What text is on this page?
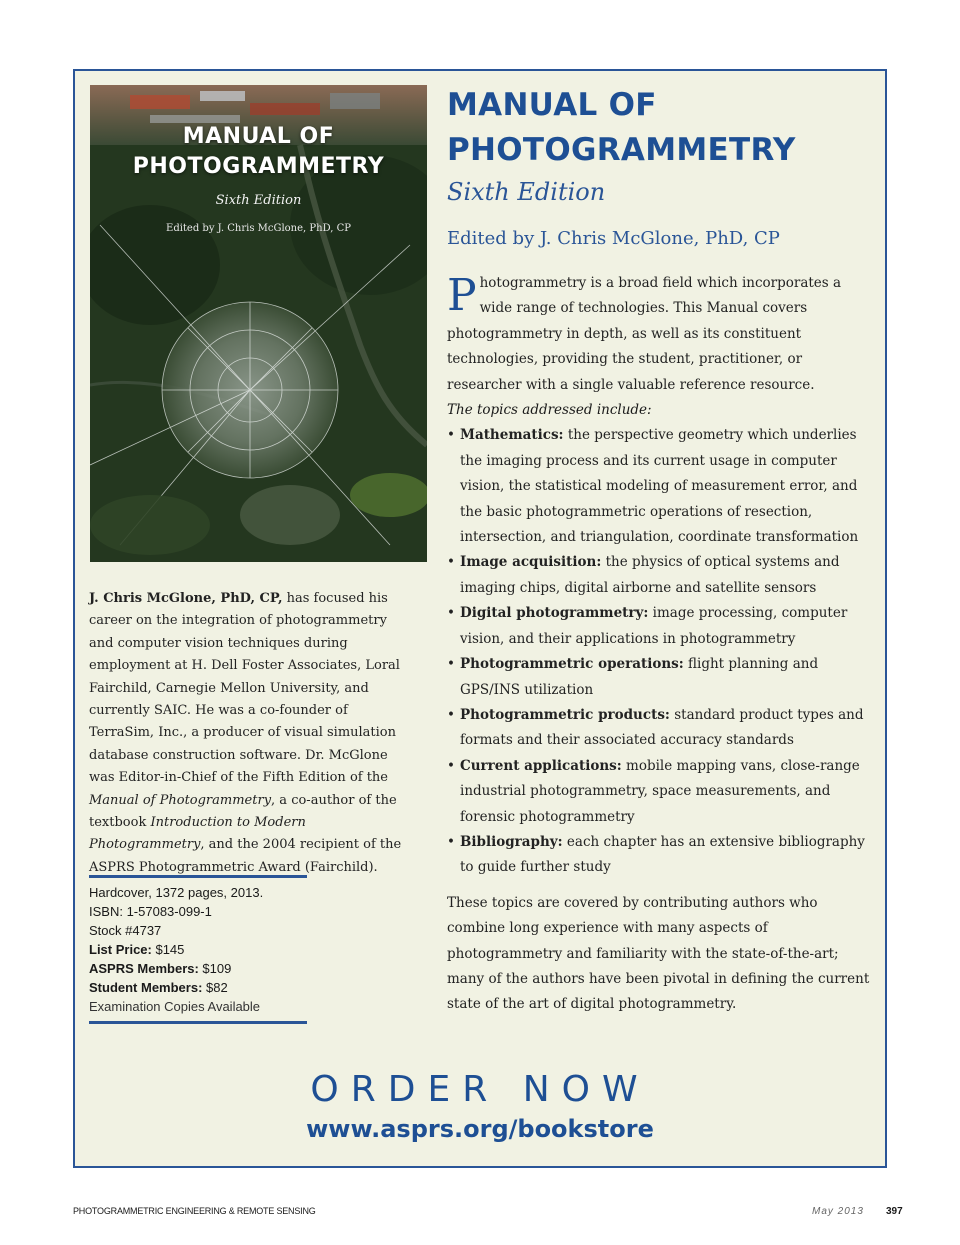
MANUAL OF
PHOTOGRAMMETRY
Sixth Edition
Edited by J. Chris McGlone, PhD, CP
J. Chris McGlone, PhD, CP, has focused his career on the integration of photogrammetry and computer vision techniques during employment at H. Dell Foster Associates, Loral Fairchild, Carnegie Mellon University, and currently SAIC. He was a co-founder of TerraSim, Inc., a producer of visual simulation database construction software. Dr. McGlone was Editor-in-Chief of the Fifth Edition of the Manual of Photogrammetry, a co-author of the textbook Introduction to Modern Photogrammetry, and the 2004 recipient of the ASPRS Photogrammetric Award (Fairchild).
Hardcover, 1372 pages, 2013.
ISBN: 1-57083-099-1
Stock #4737
List Price: $145
ASPRS Members: $109
Student Members: $82
Examination Copies Available
MANUAL OF
PHOTOGRAMMETRY
Sixth Edition
Edited by J. Chris McGlone, PhD, CP
Photogrammetry is a broad field which incorporates a wide range of technologies. This Manual covers photogrammetry in depth, as well as its constituent technologies, providing the student, practitioner, or researcher with a single valuable reference resource.
The topics addressed include:
• Mathematics: the perspective geometry which underlies the imaging process and its current usage in computer vision, the statistical modeling of measurement error, and the basic photogrammetric operations of resection, intersection, and triangulation, coordinate transformation
• Image acquisition: the physics of optical systems and imaging chips, digital airborne and satellite sensors
• Digital photogrammetry: image processing, computer vision, and their applications in photogrammetry
• Photogrammetric operations: flight planning and GPS/INS utilization
• Photogrammetric products: standard product types and formats and their associated accuracy standards
• Current applications: mobile mapping vans, close-range industrial photogrammetry, space measurements, and forensic photogrammetry
• Bibliography: each chapter has an extensive bibliography to guide further study
These topics are covered by contributing authors who combine long experience with many aspects of photogrammetry and familiarity with the state-of-the-art; many of the authors have been pivotal in defining the current state of the art of digital photogrammetry.
ORDER NOW
www.asprs.org/bookstore
PHOTOGRAMMETRIC ENGINEERING & REMOTE SENSING	May 2013 397
